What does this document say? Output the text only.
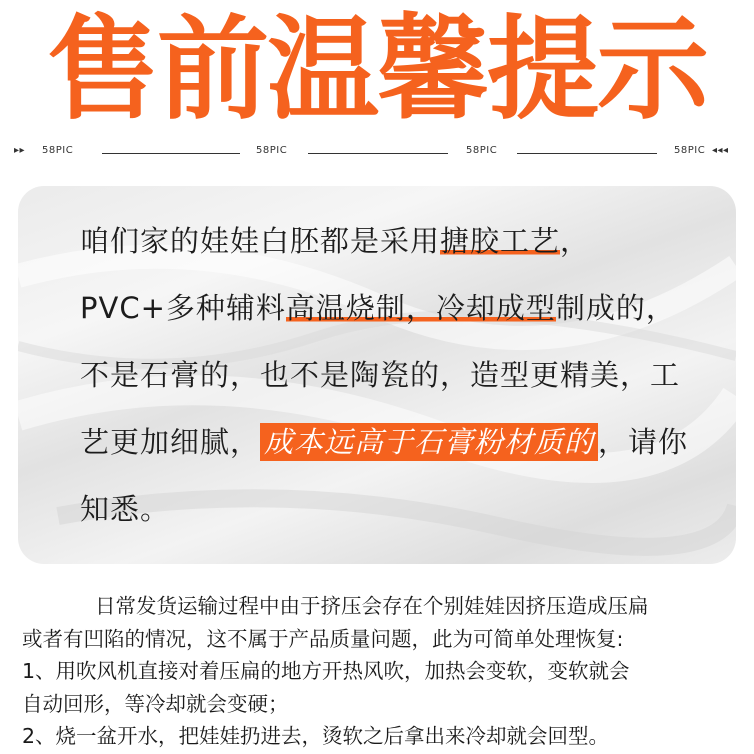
售前温馨提示
▸▸ 58PIC	58PIC	58PIC	58PIC ◂◂◂
咱们家的娃娃白胚都是采用搪胶工艺，PVC+多种辅料高温烧制，冷却成型制成的，不是石膏的，也不是陶瓷的，造型更精美，工艺更加细腻， 成本远高于石膏粉材质的 ，请你知悉。

日常发货运输过程中由于挤压会存在个别娃娃因挤压造成压扁

或者有凹陷的情况，这不属于产品质量问题，此为可简单处理恢复:

1、用吹风机直接对着压扁的地方开热风吹，加热会变软，变软就会

自动回形，等冷却就会变硬；

2、烧一盆开水，把娃娃扔进去，烫软之后拿出来冷却就会回型。
